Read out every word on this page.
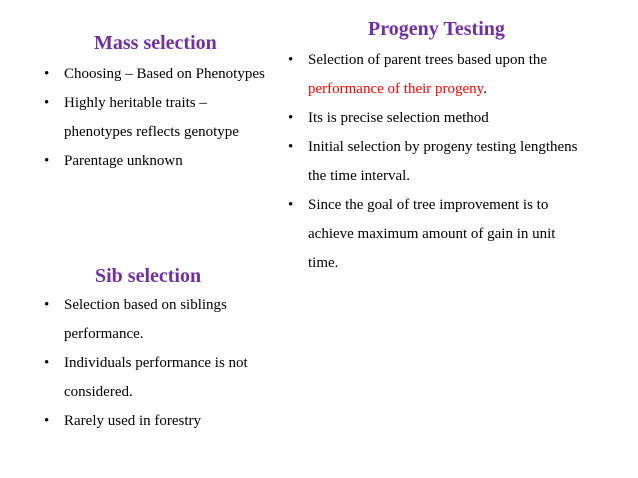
Mass selection
• Choosing – Based on Phenotypes
• Highly heritable traits – phenotypes reflects genotype
• Parentage unknown
Sib selection
• Selection based on siblings performance.
• Individuals performance is not considered.
• Rarely used in forestry
Progeny Testing
• Selection of parent trees based upon the performance of their progeny.
• Its is precise selection method
• Initial selection by progeny testing lengthens the time interval.
• Since the goal of tree improvement is to achieve maximum amount of gain in unit time.
